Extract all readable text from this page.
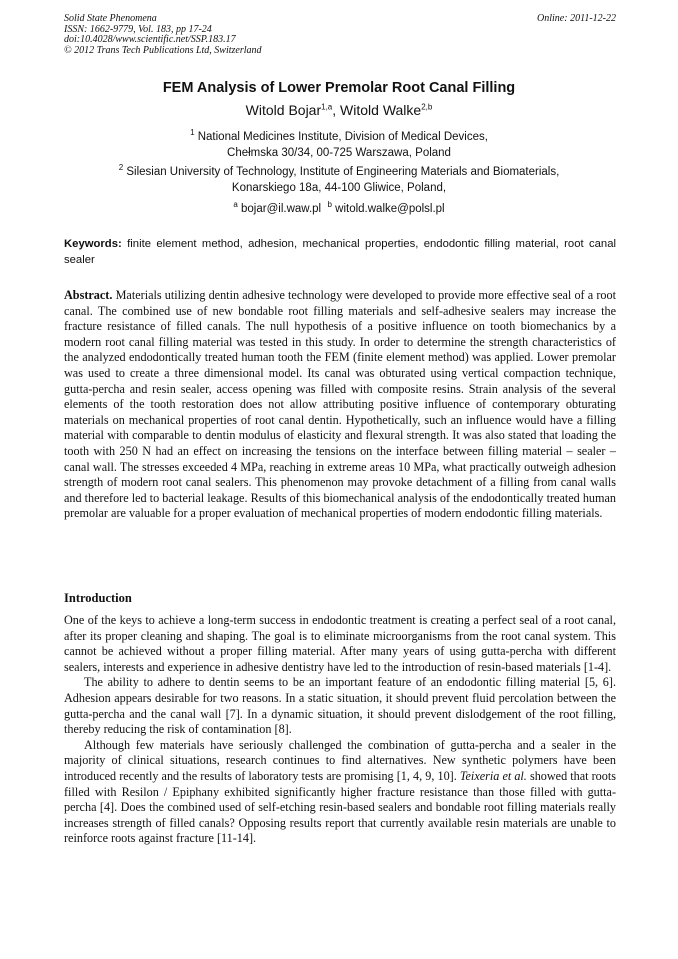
Solid State Phenomena
ISSN: 1662-9779, Vol. 183, pp 17-24
doi:10.4028/www.scientific.net/SSP.183.17
© 2012 Trans Tech Publications Ltd, Switzerland
Online: 2011-12-22
FEM Analysis of Lower Premolar Root Canal Filling
Witold Bojar$^{1,a}$, Witold Walke$^{2,b}$
$^1$ National Medicines Institute, Division of Medical Devices,
Chełmska 30/34, 00-725 Warszawa, Poland
$^2$ Silesian University of Technology, Institute of Engineering Materials and Biomaterials,
Konarskiego 18a, 44-100 Gliwice, Poland,
$^a$ bojar@il.waw.pl $^b$ witold.walke@polsl.pl
Keywords: finite element method, adhesion, mechanical properties, endodontic filling material, root canal sealer
Abstract. Materials utilizing dentin adhesive technology were developed to provide more effective seal of a root canal. The combined use of new bondable root filling materials and self-adhesive sealers may increase the fracture resistance of filled canals. The null hypothesis of a positive influence on tooth biomechanics by a modern root canal filling material was tested in this study. In order to determine the strength characteristics of the analyzed endodontically treated human tooth the FEM (finite element method) was applied. Lower premolar was used to create a three dimensional model. Its canal was obturated using vertical compaction technique, gutta-percha and resin sealer, access opening was filled with composite resins. Strain analysis of the several elements of the tooth restoration does not allow attributing positive influence of contemporary obturating materials on mechanical properties of root canal dentin. Hypothetically, such an influence would have a filling material with comparable to dentin modulus of elasticity and flexural strength. It was also stated that loading the tooth with 250 N had an effect on increasing the tensions on the interface between filling material – sealer – canal wall. The stresses exceeded 4 MPa, reaching in extreme areas 10 MPa, what practically outweigh adhesion strength of modern root canal sealers. This phenomenon may provoke detachment of a filling from canal walls and therefore led to bacterial leakage. Results of this biomechanical analysis of the endodontically treated human premolar are valuable for a proper evaluation of mechanical properties of modern endodontic filling materials.
Introduction

One of the keys to achieve a long-term success in endodontic treatment is creating a perfect seal of a root canal, after its proper cleaning and shaping. The goal is to eliminate microorganisms from the root canal system. This cannot be achieved without a proper filling material. After many years of using gutta-percha with different sealers, interests and experience in adhesive dentistry have led to the introduction of resin-based materials [1-4].

The ability to adhere to dentin seems to be an important feature of an endodontic filling material [5, 6]. Adhesion appears desirable for two reasons. In a static situation, it should prevent fluid percolation between the gutta-percha and the canal wall [7]. In a dynamic situation, it should prevent dislodgement of the root filling, thereby reducing the risk of contamination [8].

Although few materials have seriously challenged the combination of gutta-percha and a sealer in the majority of clinical situations, research continues to find alternatives. New synthetic polymers have been introduced recently and the results of laboratory tests are promising [1, 4, 9, 10]. Teixeria et al. showed that roots filled with Resilon / Epiphany exhibited significantly higher fracture resistance than those filled with gutta-percha [4]. Does the combined used of self-etching resin-based sealers and bondable root filling materials really increases strength of filled canals? Opposing results report that currently available resin materials are unable to reinforce roots against fracture [11-14].
